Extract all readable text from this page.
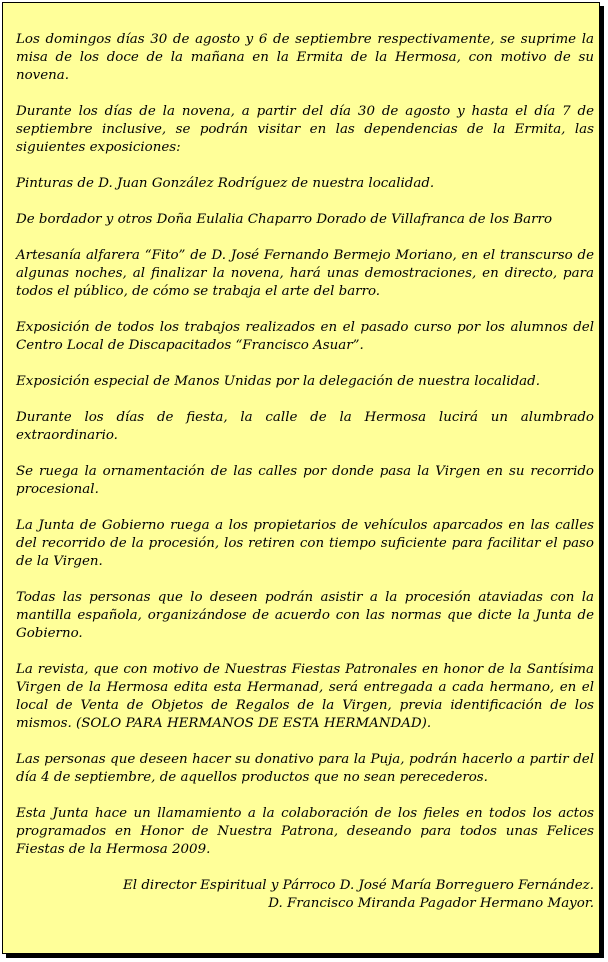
Los domingos días 30 de agosto y 6 de septiembre respectivamente, se suprime la misa de los doce de la mañana en la Ermita de la Hermosa, con motivo de su novena.

Durante los días de la novena, a partir del día 30 de agosto y hasta el día 7 de septiembre inclusive, se podrán visitar en las dependencias de la Ermita, las siguientes exposiciones:

Pinturas de D. Juan González Rodríguez de nuestra localidad.

De bordador y otros Doña Eulalia Chaparro Dorado de Villafranca de los Barro

Artesanía alfarera “Fito” de D. José Fernando Bermejo Moriano, en el transcurso de algunas noches, al finalizar la novena, hará unas demostraciones, en directo, para todos el público, de cómo se trabaja el arte del barro.

Exposición de todos los trabajos realizados en el pasado curso por los alumnos del Centro Local de Discapacitados “Francisco Asuar”.

Exposición especial de Manos Unidas por la delegación de nuestra localidad.

Durante los días de fiesta, la calle de la Hermosa lucirá un alumbrado extraordinario.

Se ruega la ornamentación de las calles por donde pasa la Virgen en su recorrido procesional.

La Junta de Gobierno ruega a los propietarios de vehículos aparcados en las calles del recorrido de la procesión, los retiren con tiempo suficiente para facilitar el paso de la Virgen.

Todas las personas que lo deseen podrán asistir a la procesión ataviadas con la mantilla española, organizándose de acuerdo con las normas que dicte la Junta de Gobierno.

La revista, que con motivo de Nuestras Fiestas Patronales en honor de la Santísima Virgen de la Hermosa edita esta Hermanad, será entregada a cada hermano, en el local de Venta de Objetos de Regalos de la Virgen, previa identificación de los mismos. (SOLO PARA HERMANOS DE ESTA HERMANDAD).

Las personas que deseen hacer su donativo para la Puja, podrán hacerlo a partir del día 4 de septiembre, de aquellos productos que no sean perecederos.

Esta Junta hace un llamamiento a la colaboración de los fieles en todos los actos programados en Honor de Nuestra Patrona, deseando para todos unas Felices Fiestas de la Hermosa 2009.

El director Espiritual y Párroco D. José María Borreguero Fernández.
D. Francisco Miranda Pagador Hermano Mayor.
